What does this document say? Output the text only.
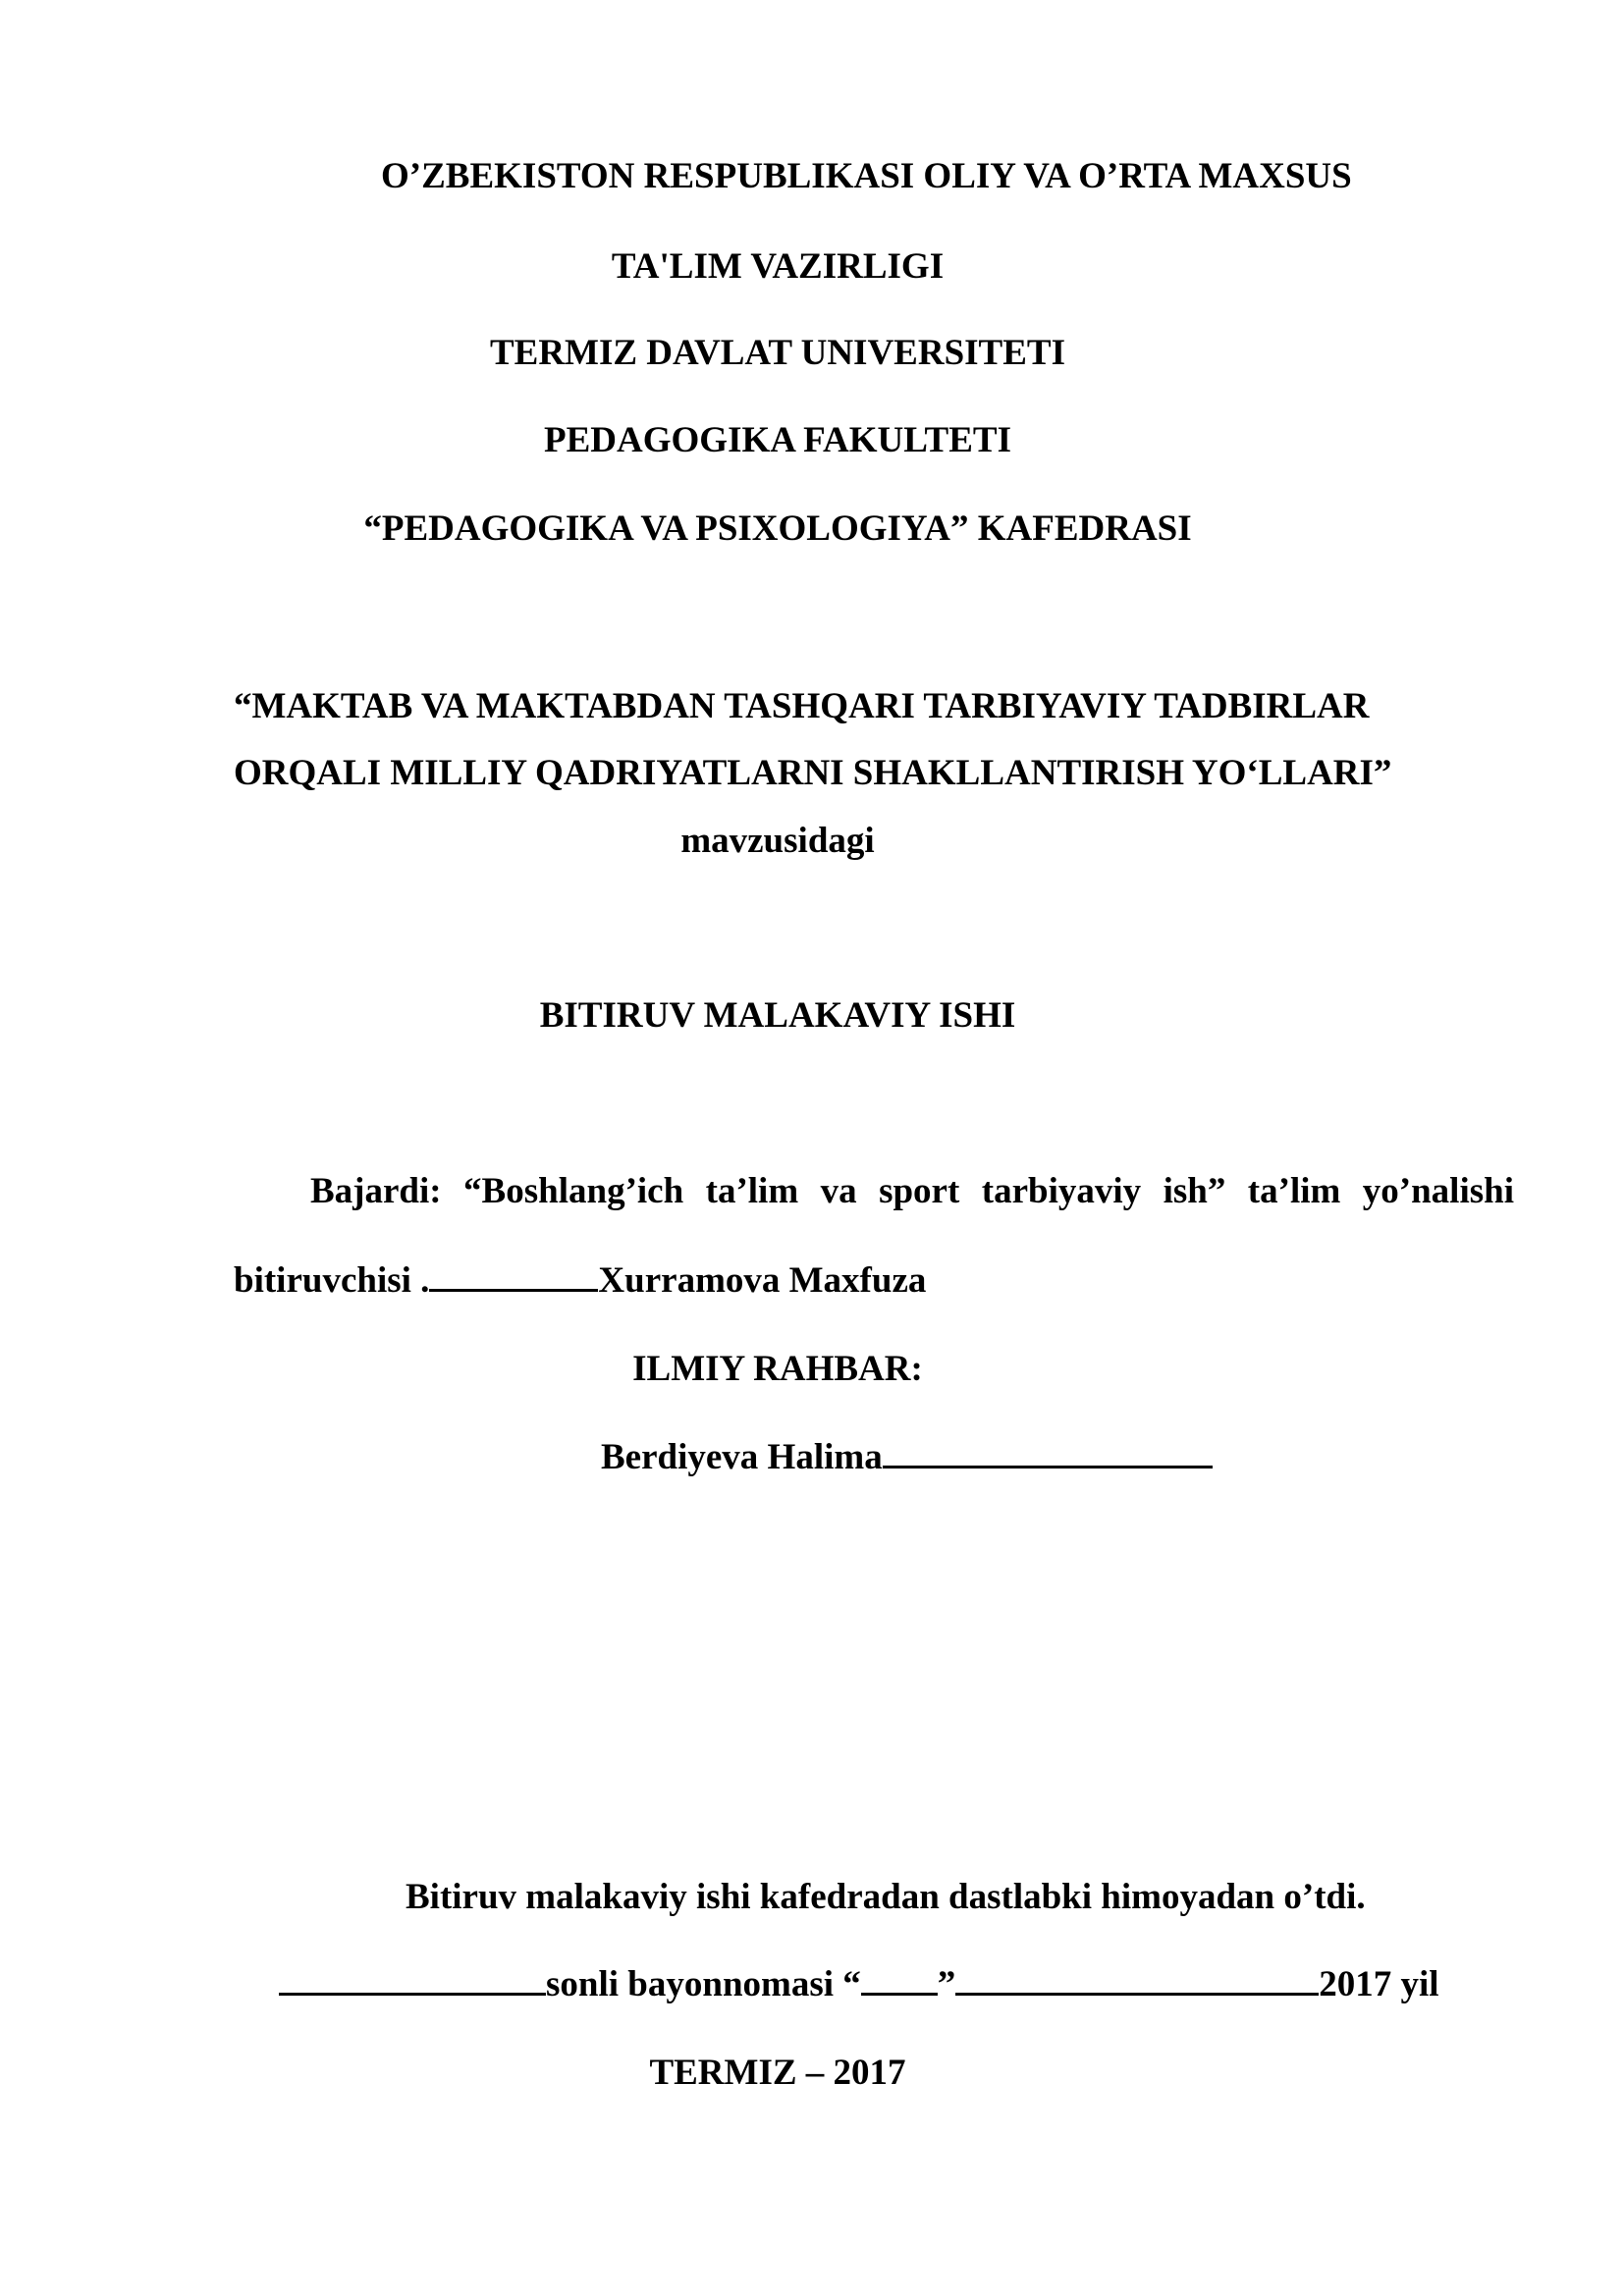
O’ZBEKISTON RESPUBLIKASI OLIY VA O’RTA MAXSUS
TA'LIM VAZIRLIGI
TERMIZ DAVLAT UNIVERSITETI
PEDAGOGIKA FAKULTETI
“PEDAGOGIKA VA PSIXOLOGIYA” KAFEDRASI
“MAKTAB VA MAKTABDAN TASHQARI TARBIYAVIY TADBIRLAR
ORQALI MILLIY QADRIYATLARNI SHAKLLANTIRISH YO‘LLARI”
mavzusidagi
BITIRUV MALAKAVIY ISHI
Bajardi: “Boshlang’ich ta’lim va sport tarbiyaviy ish” ta’lim yo’nalishi
bitiruvchisi .	Xurramova Maxfuza
ILMIY RAHBAR:
Berdiyeva Halima
Bitiruv malakaviy ishi kafedradan dastlabki himoyadan o’tdi.
sonli bayonnomasi “ ”	2017 yil
TERMIZ – 2017
